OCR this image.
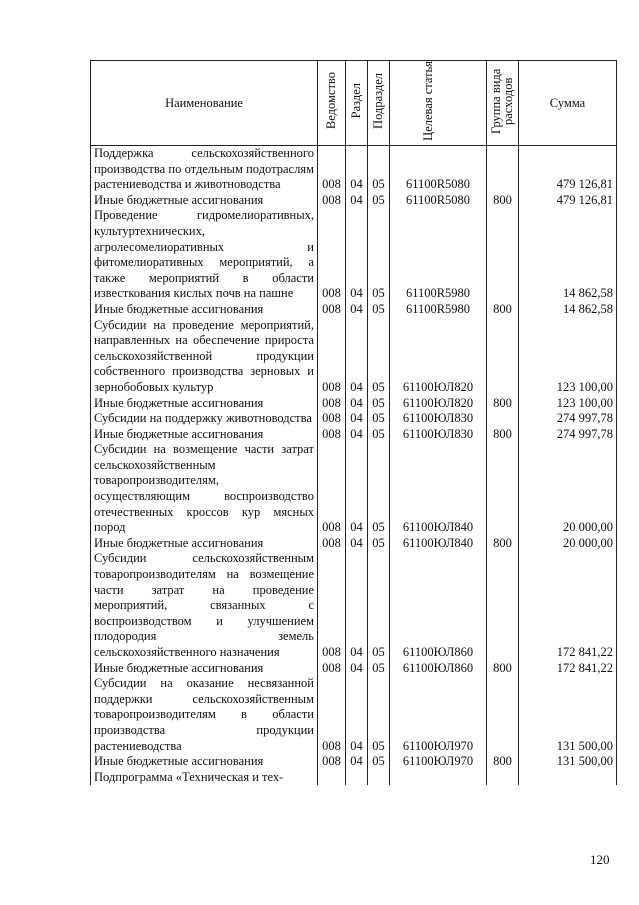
Наименование	Ведомство	Раздел	Подраздел	Целевая статья	Группа вида расходов	Сумма
Поддержка сельскохозяйственного производства по отдельным подотраслям растениеводства и животноводства	008	04	05	61100R5080		479 126,81
Иные бюджетные ассигнования	008	04	05	61100R5080	800	479 126,81
Проведение гидромелиоративных, культуртехнических, агролесомелиоративных и фитомелиоративных мероприятий, а также мероприятий в области известкования кислых почв на пашне	008	04	05	61100R5980		14 862,58
Иные бюджетные ассигнования	008	04	05	61100R5980	800	14 862,58
Субсидии на проведение мероприятий, направленных на обеспечение прироста сельскохозяйственной продукции собственного производства зерновых и зернобобовых культур	008	04	05	61100ЮЛ820		123 100,00
Иные бюджетные ассигнования	008	04	05	61100ЮЛ820	800	123 100,00
Субсидии на поддержку животноводства	008	04	05	61100ЮЛ830		274 997,78
Иные бюджетные ассигнования	008	04	05	61100ЮЛ830	800	274 997,78
Субсидии на возмещение части затрат сельскохозяйственным товаропроизводителям, осуществляющим воспроизводство отечественных кроссов кур мясных пород	008	04	05	61100ЮЛ840		20 000,00
Иные бюджетные ассигнования	008	04	05	61100ЮЛ840	800	20 000,00
Субсидии сельскохозяйственным товаропроизводителям на возмещение части затрат на проведение мероприятий, связанных с воспроизводством и улучшением плодородия земель сельскохозяйственного назначения	008	04	05	61100ЮЛ860		172 841,22
Иные бюджетные ассигнования	008	04	05	61100ЮЛ860	800	172 841,22
Субсидии на оказание несвязанной поддержки сельскохозяйственным товаропроизводителям в области производства продукции растениеводства	008	04	05	61100ЮЛ970		131 500,00
Иные бюджетные ассигнования	008	04	05	61100ЮЛ970	800	131 500,00
Подпрограмма «Техническая и тех-						
120
